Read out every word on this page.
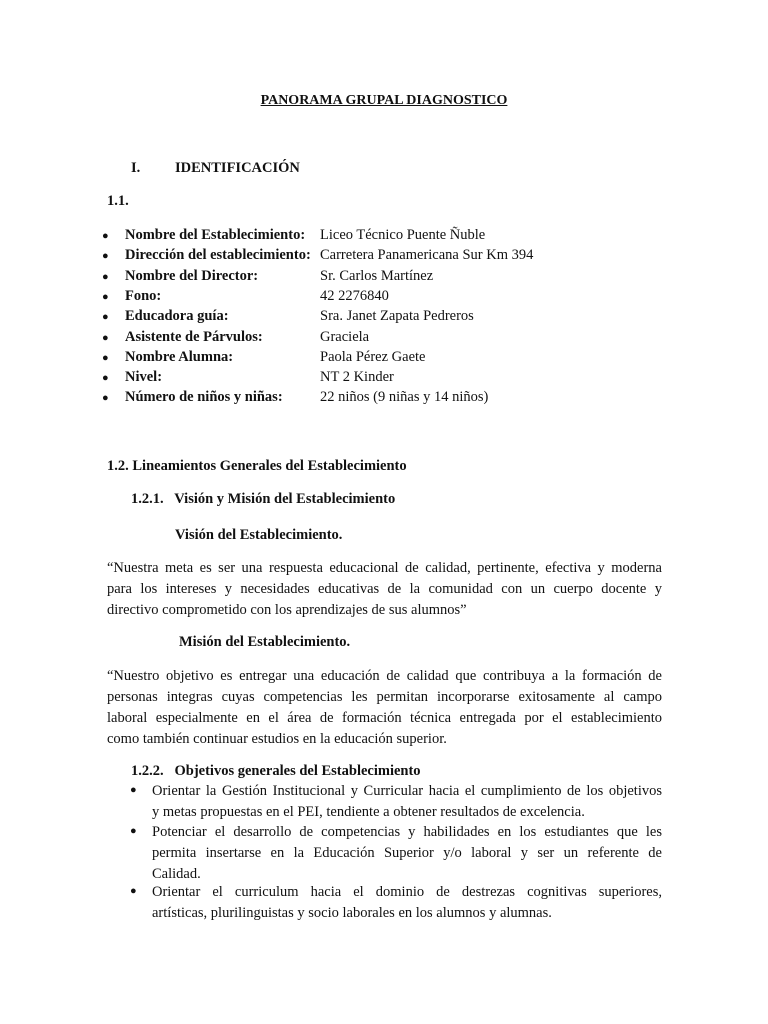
PANORAMA GRUPAL DIAGNOSTICO
I. IDENTIFICACIÓN
1.1.
● Nombre del Establecimiento: Liceo Técnico Puente Ñuble
● Dirección del establecimiento: Carretera Panamericana Sur Km 394
● Nombre del Director:	Sr. Carlos Martínez
● Fono:	42 2276840
● Educadora guía:	Sra. Janet Zapata Pedreros
● Asistente de Párvulos:	Graciela
● Nombre Alumna:	Paola Pérez Gaete
● Nivel:	NT 2 Kinder
● Número de niños y niñas:	22 niños (9 niñas y 14 niños)
1.2. Lineamientos Generales del Establecimiento
1.2.1.   Visión y Misión del Establecimiento
Visión del Establecimiento.
“Nuestra meta es ser una respuesta educacional de calidad, pertinente, efectiva y moderna
para los intereses y necesidades educativas de la comunidad con un cuerpo docente y
directivo comprometido con los aprendizajes de sus alumnos”
Misión del Establecimiento.
“Nuestro objetivo es entregar una educación de calidad que contribuya a la formación de
personas integras cuyas competencias les permitan incorporarse exitosamente al campo
laboral especialmente en el área de formación técnica entregada por el establecimiento
como también continuar estudios en la educación superior.
1.2.2.   Objetivos generales del Establecimiento
● Orientar la Gestión Institucional y Curricular hacia el cumplimiento de los objetivos
y metas propuestas en el PEI, tendiente a obtener resultados de excelencia.
● Potenciar el desarrollo de competencias y habilidades en los estudiantes que les
permita insertarse en la Educación Superior y/o laboral y ser un referente de
Calidad.
● Orientar el curriculum hacia el dominio de destrezas cognitivas superiores,
artísticas, plurilinguistas y socio laborales en los alumnos y alumnas.
